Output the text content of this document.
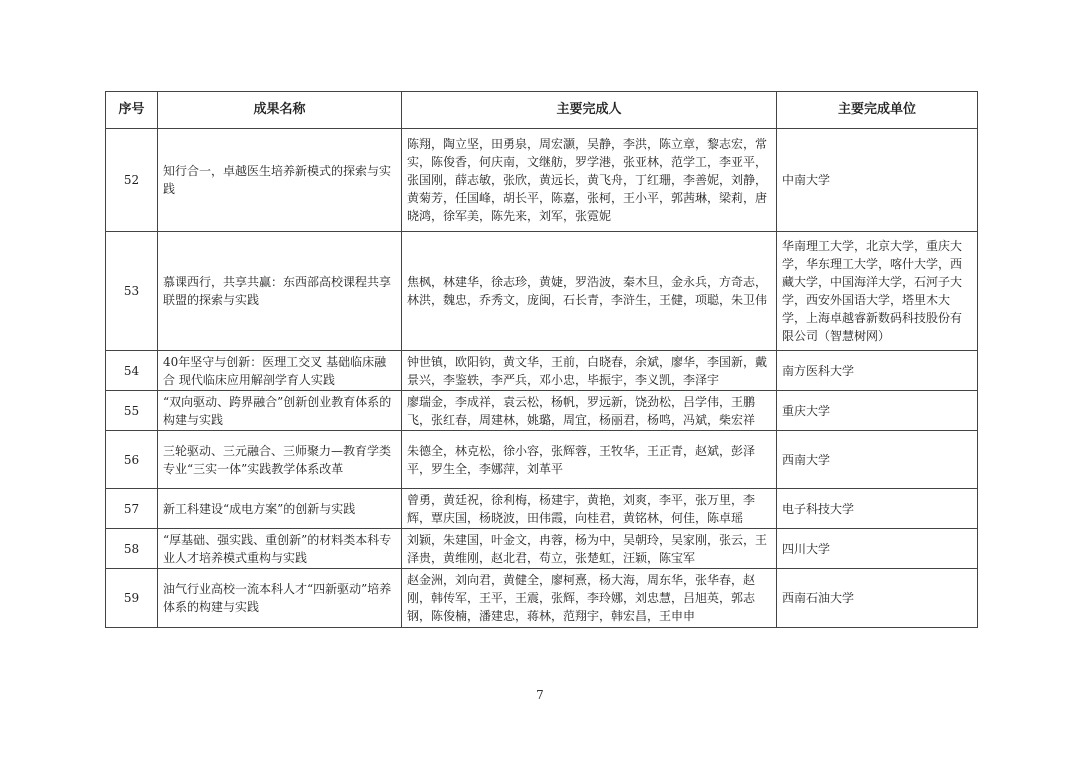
序号	成果名称	主要完成人	主要完成单位
52	知行合一，卓越医生培养新模式的探索与实践	陈翔，陶立坚，田勇泉，周宏灏，吴静，李洪，陈立章，黎志宏，常实，陈俊香，何庆南，文继舫，罗学港，张亚林，范学工，李亚平，张国刚，薛志敏，张欣，黄远长，黄飞舟，丁红珊，李善妮，刘静，黄菊芳，任国峰，胡长平，陈嘉，张柯，王小平，郭茜琳，梁莉，唐晓鸿，徐军美，陈先来，刘军，张霓妮	中南大学
53	慕课西行，共享共赢：东西部高校课程共享联盟的探索与实践	焦枫，林建华，徐志珍，黄婕，罗浩波，秦木旦，金永兵，方奇志，林洪，魏忠，乔秀文，庞闽，石长青，李浒生，王健，项聪，朱卫伟	华南理工大学，北京大学，重庆大学，华东理工大学，喀什大学，西藏大学，中国海洋大学，石河子大学，西安外国语大学，塔里木大学，上海卓越睿新数码科技股份有限公司（智慧树网）
54	40年坚守与创新：医理工交叉 基础临床融合 现代临床应用解剖学育人实践	钟世镇，欧阳钧，黄文华，王前，白晓春，余斌，廖华，李国新，戴景兴，李鉴轶，李严兵，邓小忠，毕振宇，李义凯，李泽宇	南方医科大学
55	“双向驱动、跨界融合”创新创业教育体系的构建与实践	廖瑞金，李成祥，袁云松，杨帆，罗远新，饶劲松，吕学伟，王鹏飞，张红春，周建林，姚璐，周宜，杨丽君，杨鸣，冯斌，柴宏祥	重庆大学
56	三轮驱动、三元融合、三师聚力—教育学类专业“三实一体”实践教学体系改革	朱德全，林克松，徐小容，张辉蓉，王牧华，王正青，赵斌，彭泽平，罗生全，李娜萍，刘革平	西南大学
57	新工科建设“成电方案”的创新与实践	曾勇，黄廷祝，徐利梅，杨建宇，黄艳，刘爽，李平，张万里，李辉，覃庆国，杨晓波，田伟霞，向桂君，黄铭林，何佳，陈卓瑶	电子科技大学
58	“厚基础、强实践、重创新”的材料类本科专业人才培养模式重构与实践	刘颖，朱建国，叶金文，冉蓉，杨为中，吴朝玲，吴家刚，张云，王泽贵，黄维刚，赵北君，苟立，张楚虹，汪颖，陈宝军	四川大学
59	油气行业高校一流本科人才“四新驱动”培养体系的构建与实践	赵金洲，刘向君，黄健全，廖柯熹，杨大海，周东华，张华春，赵刚，韩传军，王平，王震，张辉，李玲娜，刘忠慧，吕旭英，郭志钢，陈俊楠，潘建忠，蒋林，范翔宇，韩宏昌，王申申	西南石油大学
7
